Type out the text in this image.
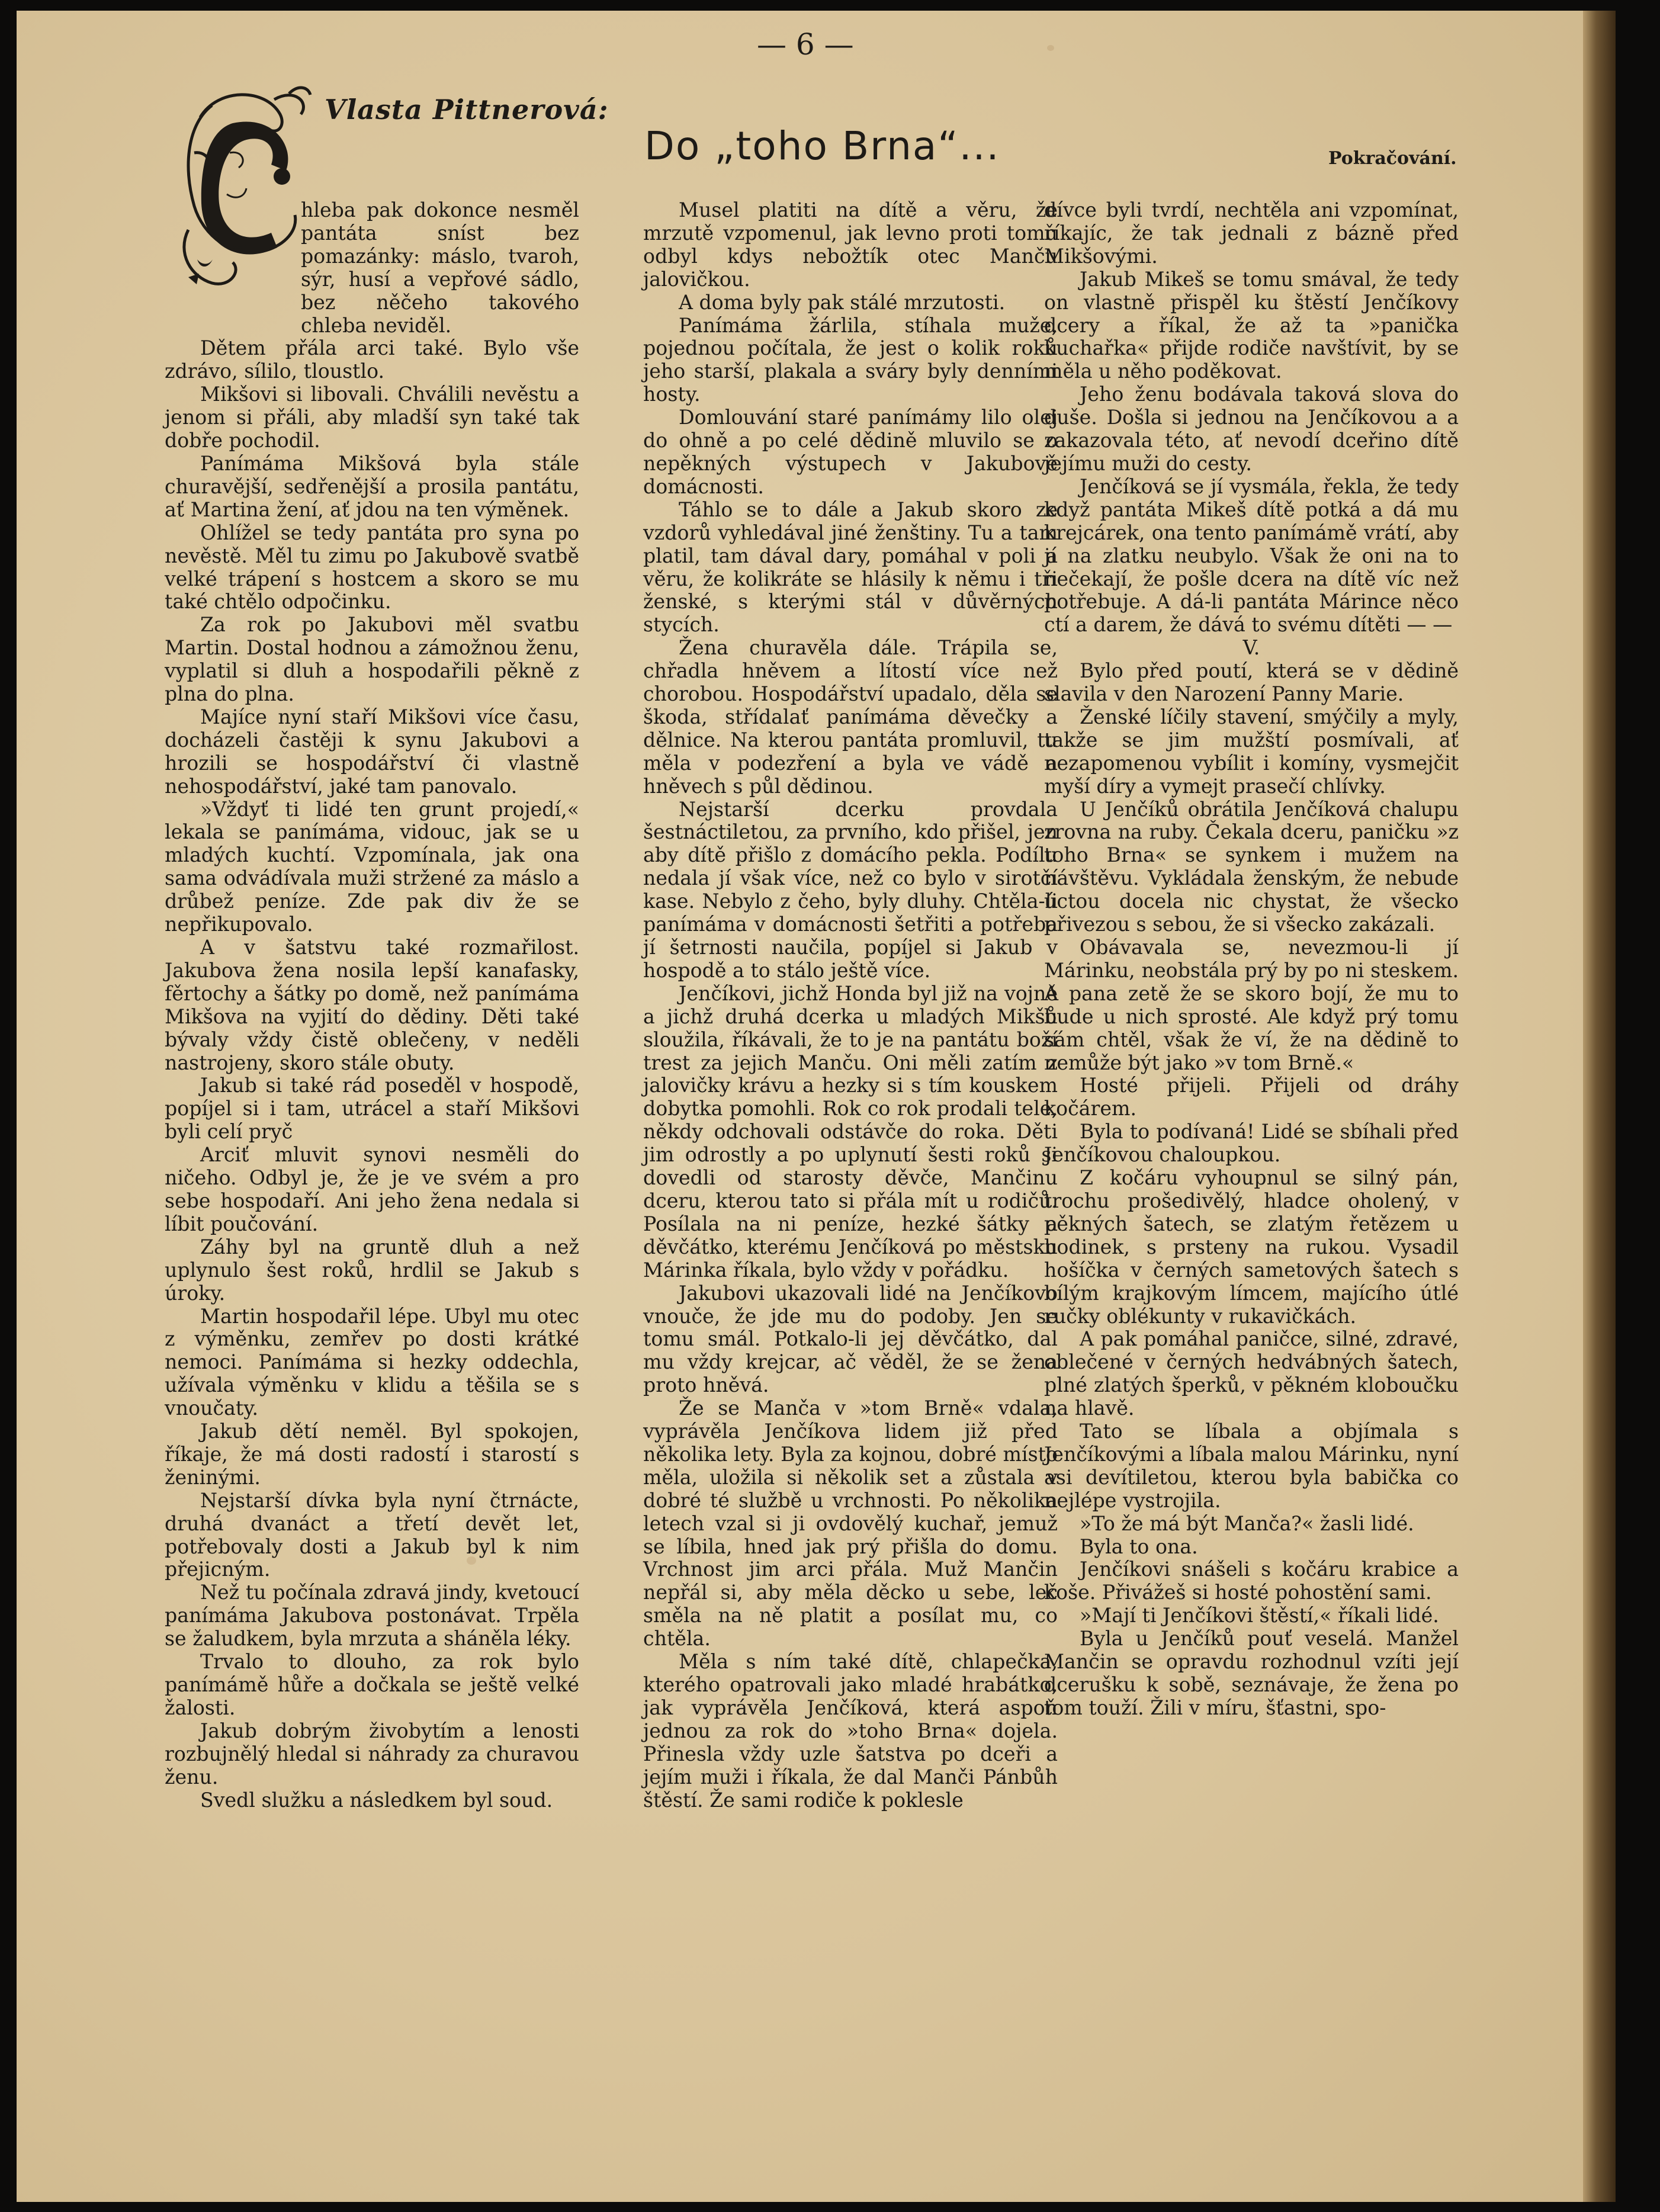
— 6 —
Vlasta Pittnerová:
Do „toho Brna“...	Pokračování.

hleba pak dokonce nesměl pantáta sníst bez pomazánky: máslo, tvaroh, sýr, husí a vepřové sádlo, bez něčeho takového chleba neviděl.

Dětem přála arci také. Bylo vše zdrávo, sílilo, tloustlo.

Mikšovi si libovali. Chválili nevěstu a jenom si přáli, aby mladší syn také tak dobře pochodil.

Panímáma Mikšová byla stále churavější, sedřenější a prosila pantátu, ať Martina žení, ať jdou na ten výměnek.

Ohlížel se tedy pantáta pro syna po nevěstě. Měl tu zimu po Jakubově svatbě velké trápení s hostcem a skoro se mu také chtělo odpočinku.

Za rok po Jakubovi měl svatbu Martin. Dostal hodnou a zámožnou ženu, vyplatil si dluh a hospodařili pěkně z plna do plna.

Majíce nyní staří Mikšovi více času, docházeli častěji k synu Jakubovi a hrozili se hospodářství či vlastně nehospodářství, jaké tam panovalo.

»Vždyť ti lidé ten grunt projedí,« lekala se panímáma, vidouc, jak se u mladých kuchtí. Vzpomínala, jak ona sama odvádívala muži stržené za máslo a drůbež peníze. Zde pak div že se nepřikupovalo.

A v šatstvu také rozmařilost. Jakubova žena nosila lepší kanafasky, fěrtochy a šátky po domě, než panímáma Mikšova na vyjití do dědiny. Děti také bývaly vždy čistě oblečeny, v neděli nastrojeny, skoro stále obuty.

Jakub si také rád poseděl v hospodě, popíjel si i tam, utrácel a staří Mikšovi byli celí pryč

Arciť mluvit synovi nesměli do ničeho. Odbyl je, že je ve svém a pro sebe hospodaří. Ani jeho žena nedala si líbit poučování.

Záhy byl na gruntě dluh a než uplynulo šest roků, hrdlil se Jakub s úroky.

Martin hospodařil lépe. Ubyl mu otec z výměnku, zemřev po dosti krátké nemoci. Panímáma si hezky oddechla, užívala výměnku v klidu a těšila se s vnoučaty.

Jakub dětí neměl. Byl spokojen, říkaje, že má dosti radostí i starostí s ženinými.

Nejstarší dívka byla nyní čtrnácte, druhá dvanáct a třetí devět let, potřebovaly dosti a Jakub byl k nim přejicným.

Než tu počínala zdravá jindy, kvetoucí panímáma Jakubova postonávat. Trpěla se žaludkem, byla mrzuta a sháněla léky.

Trvalo to dlouho, za rok bylo panímámě hůře a dočkala se ještě velké žalosti.

Jakub dobrým živobytím a lenosti rozbujnělý hledal si náhrady za churavou ženu.

Svedl služku a následkem byl soud.

Musel platiti na dítě a věru, že mrzutě vzpomenul, jak levno proti tomu odbyl kdys nebožtík otec Manču jalovičkou.

A doma byly pak stálé mrzutosti.

Panímáma žárlila, stíhala muže, pojednou počítala, že jest o kolik roků jeho starší, plakala a sváry byly denními hosty.

Domlouvání staré panímámy lilo olej do ohně a po celé dědině mluvilo se o nepěkných výstupech v Jakubově domácnosti.

Táhlo se to dále a Jakub skoro ze vzdorů vyhledával jiné ženštiny. Tu a tam platil, tam dával dary, pomáhal v poli a věru, že kolikráte se hlásily k němu i tři ženské, s kterými stál v důvěrných stycích.

Žena churavěla dále. Trápila se, chřadla hněvem a lítostí více než chorobou. Hospodářství upadalo, děla se škoda, střídalať panímáma děvečky a dělnice. Na kterou pantáta promluvil, tu měla v podezření a byla ve vádě a hněvech s půl dědinou.

Nejstarší dcerku provdala šestnáctiletou, za prvního, kdo přišel, jen aby dítě přišlo z domácího pekla. Podílu nedala jí však více, než co bylo v sirotčí kase. Nebylo z čeho, byly dluhy. Chtěla-li panímáma v domácnosti šetřiti a potřeba jí šetrnosti naučila, popíjel si Jakub v hospodě a to stálo ještě více.

Jenčíkovi, jichž Honda byl již na vojně a jichž druhá dcerka u mladých Mikšů sloužila, říkávali, že to je na pantátu boží trest za jejich Manču. Oni měli zatím z jalovičky krávu a hezky si s tím kouskem dobytka pomohli. Rok co rok prodali tele, někdy odchovali odstávče do roka. Děti jim odrostly a po uplynutí šesti roků si dovedli od starosty děvče, Mančinu dceru, kterou tato si přála mít u rodičů. Posílala na ni peníze, hezké šátky a děvčátko, kterému Jenčíková po městsku Márinka říkala, bylo vždy v pořádku.

Jakubovi ukazovali lidé na Jenčíkovo vnouče, že jde mu do podoby. Jen se tomu smál. Potkalo-li jej děvčátko, dal mu vždy krejcar, ač věděl, že se žena proto hněvá.

Že se Manča v »tom Brně« vdala, vyprávěla Jenčíkova lidem již před několika lety. Byla za kojnou, dobré místo měla, uložila si několik set a zůstala v dobré té službě u vrchnosti. Po několika letech vzal si ji ovdovělý kuchař, jemuž se líbila, hned jak prý přišla do domu. Vrchnost jim arci přála. Muž Mančin nepřál si, aby měla děcko u sebe, leč směla na ně platit a posílat mu, co chtěla.

Měla s ním také dítě, chlapečka, kterého opatrovali jako mladé hrabátko, jak vyprávěla Jenčíková, která aspoň jednou za rok do »toho Brna« dojela. Přinesla vždy uzle šatstva po dceři a jejím muži i říkala, že dal Manči Pánbůh štěstí. Že sami rodiče k poklesle

dívce byli tvrdí, nechtěla ani vzpomínat, říkajíc, že tak jednali z bázně před Mikšovými.

Jakub Mikeš se tomu smával, že tedy on vlastně přispěl ku štěstí Jenčíkovy dcery a říkal, že až ta »panička kuchařka« přijde rodiče navštívit, by se měla u něho poděkovat.

Jeho ženu bodávala taková slova do duše. Došla si jednou na Jenčíkovou a a zakazovala této, ať nevodí dceřino dítě jejímu muži do cesty.

Jenčíková se jí vysmála, řekla, že tedy když pantáta Mikeš dítě potká a dá mu krejcárek, ona tento panímámě vrátí, aby jí na zlatku neubylo. Však že oni na to nečekají, že pošle dcera na dítě víc než potřebuje. A dá-li pantáta Márince něco ctí a darem, že dává to svému dítěti — —

V.

Bylo před poutí, která se v dědině slavila v den Narození Panny Marie.

Ženské líčily stavení, smýčily a myly, takže se jim mužští posmívali, ať nezapomenou vybílit i komíny, vysmejčit myší díry a vymejt prasečí chlívky.

U Jenčíků obrátila Jenčíková chalupu zrovna na ruby. Čekala dceru, paničku »z toho Brna« se synkem i mužem na návštěvu. Vykládala ženským, že nebude úctou docela nic chystat, že všecko přivezou s sebou, že si všecko zakázali.

Obávavala se, nevezmou-li jí Márinku, neobstála prý by po ni steskem. A pana zetě že se skoro bojí, že mu to bude u nich sprosté. Ale když prý tomu sám chtěl, však že ví, že na dědině to nemůže být jako »v tom Brně.«

Hosté přijeli. Přijeli od dráhy kočárem.

Byla to podívaná! Lidé se sbíhali před Jenčíkovou chaloupkou.

Z kočáru vyhoupnul se silný pán, trochu prošedivělý, hladce oholený, v pěkných šatech, se zlatým řetězem u hodinek, s prsteny na rukou. Vysadil hošíčka v černých sametových šatech s bílým krajkovým límcem, majícího útlé ručky oblékunty v rukavičkách.

A pak pomáhal paničce, silné, zdravé, oblečené v černých hedvábných šatech, plné zlatých šperků, v pěkném kloboučku na hlavě.

Tato se líbala a objímala s Jenčíkovými a líbala malou Márinku, nyní asi devítiletou, kterou byla babička co nejlépe vystrojila.

»To že má být Manča?« žasli lidé.

Byla to ona.

Jenčíkovi snášeli s kočáru krabice a koše. Přivážeš si hosté pohostění sami.

»Mají ti Jenčíkovi štěstí,« říkali lidé.

Byla u Jenčíků pouť veselá. Manžel Mančin se opravdu rozhodnul vzíti její dcerušku k sobě, seznávaje, že žena po tom touží. Žili v míru, šťastni, spo-
